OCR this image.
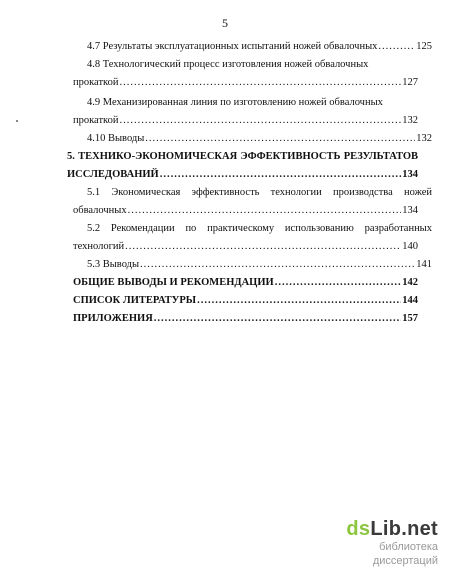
5
4.7 Результаты эксплуатационных испытаний ножей обвалочных .....	125
4.8 Технологический процесс изготовления ножей обвалочных
прокаткой .....	127
4.9 Механизированная линия по изготовлению ножей обвалочных
прокаткой .....	132
4.10 Выводы .....	132
5. ТЕХНИКО-ЭКОНОМИЧЕСКАЯ ЭФФЕКТИВНОСТЬ РЕЗУЛЬТАТОВ
ИССЛЕДОВАНИЙ .....	134
5.1 Экономическая эффективность технологии производства ножей
обвалочных .....	134
5.2 Рекомендации по практическому использованию разработанных
технологий .....	140
5.3 Выводы .....	141
ОБЩИЕ ВЫВОДЫ И РЕКОМЕНДАЦИИ .....	142
СПИСОК ЛИТЕРАТУРЫ .....	144
ПРИЛОЖЕНИЯ .....	157
dsLib.net
библиотека диссертаций
